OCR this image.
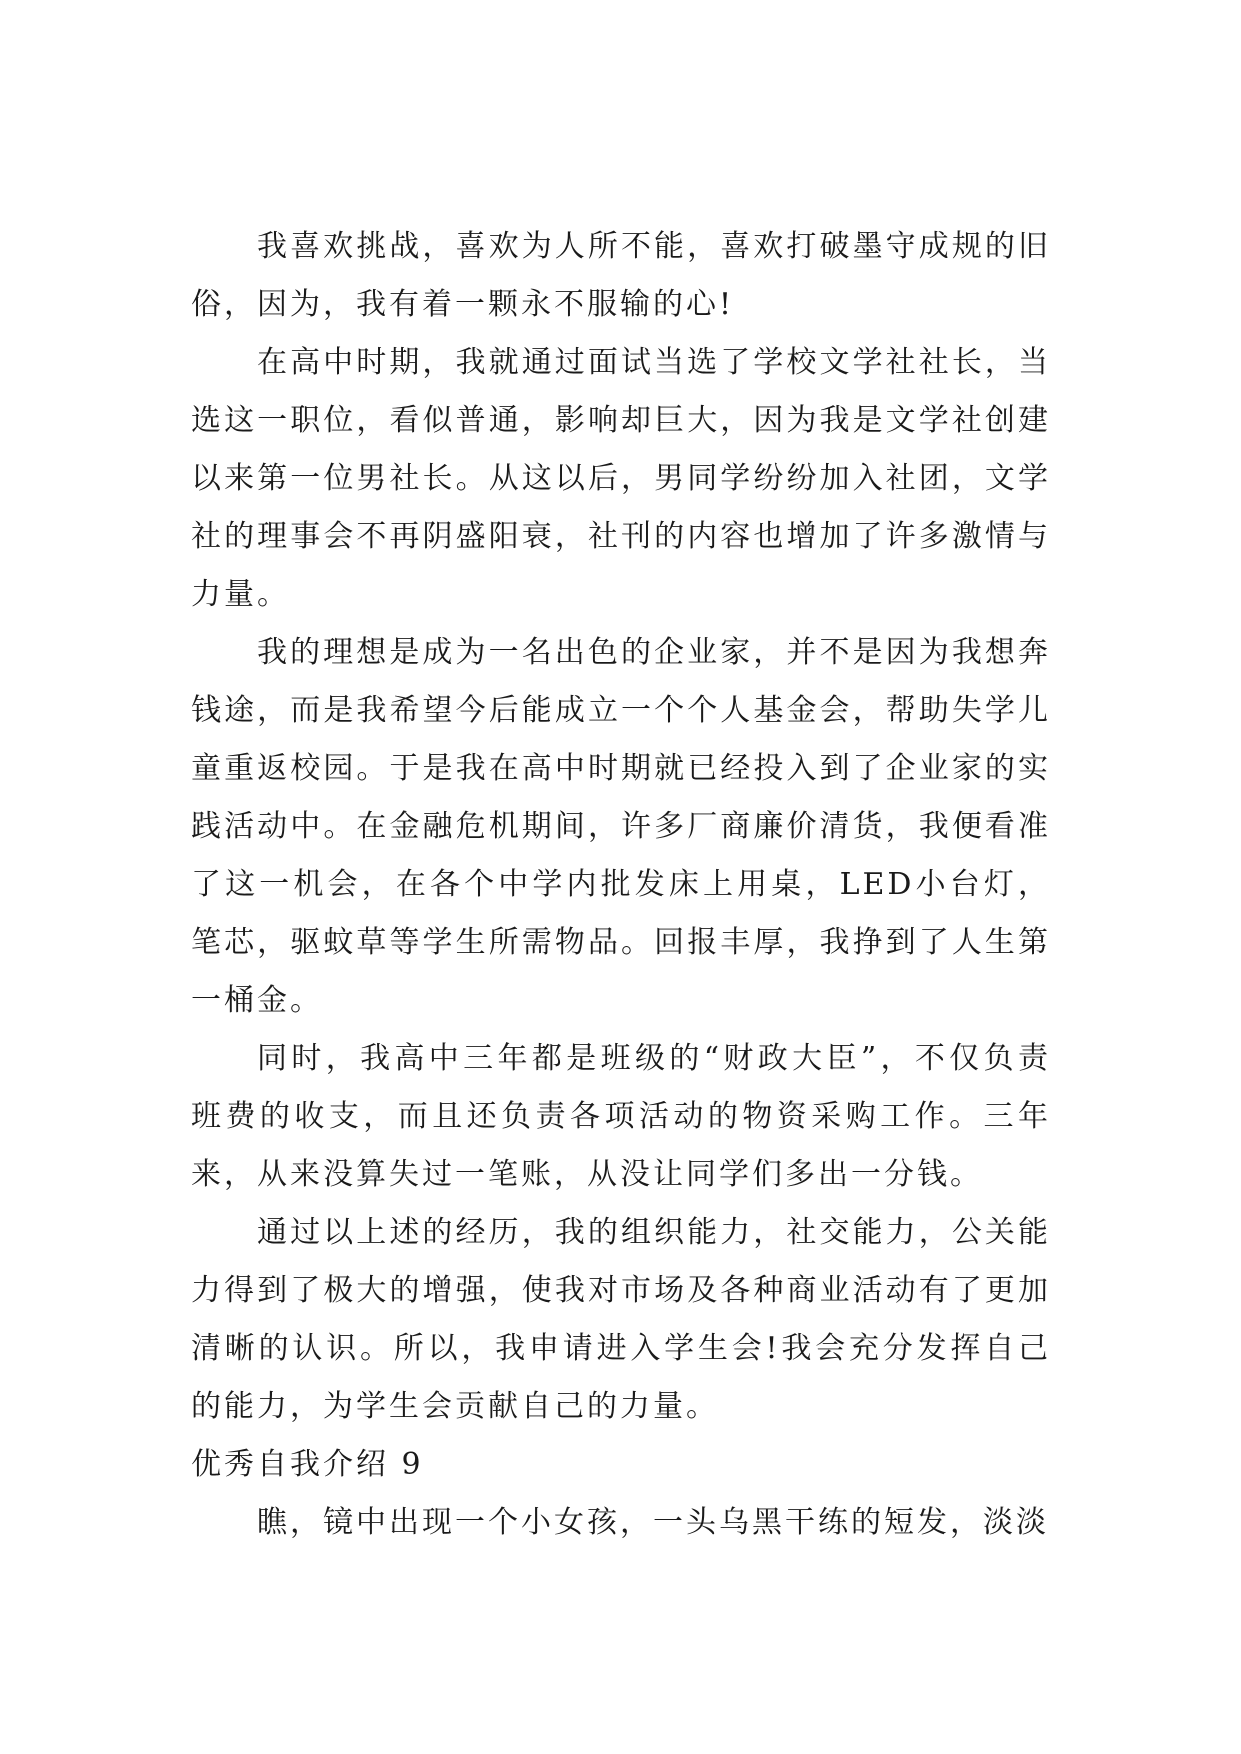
我喜欢挑战，喜欢为人所不能，喜欢打破墨守成规的旧俗，因为，我有着一颗永不服输的心!

在高中时期，我就通过面试当选了学校文学社社长，当选这一职位，看似普通，影响却巨大，因为我是文学社创建以来第一位男社长。从这以后，男同学纷纷加入社团，文学社的理事会不再阴盛阳衰，社刊的内容也增加了许多激情与力量。

我的理想是成为一名出色的企业家，并不是因为我想奔钱途，而是我希望今后能成立一个个人基金会，帮助失学儿童重返校园。于是我在高中时期就已经投入到了企业家的实践活动中。在金融危机期间，许多厂商廉价清货，我便看准了这一机会，在各个中学内批发床上用桌，LED小台灯，笔芯，驱蚊草等学生所需物品。回报丰厚，我挣到了人生第一桶金。

同时，我高中三年都是班级的“财政大臣”，不仅负责班费的收支，而且还负责各项活动的物资采购工作。三年来，从来没算失过一笔账，从没让同学们多出一分钱。

通过以上述的经历，我的组织能力，社交能力，公关能力得到了极大的增强，使我对市场及各种商业活动有了更加清晰的认识。所以，我申请进入学生会!我会充分发挥自己的能力，为学生会贡献自己的力量。

优秀自我介绍 9

瞧，镜中出现一个小女孩，一头乌黑干练的短发，淡淡
